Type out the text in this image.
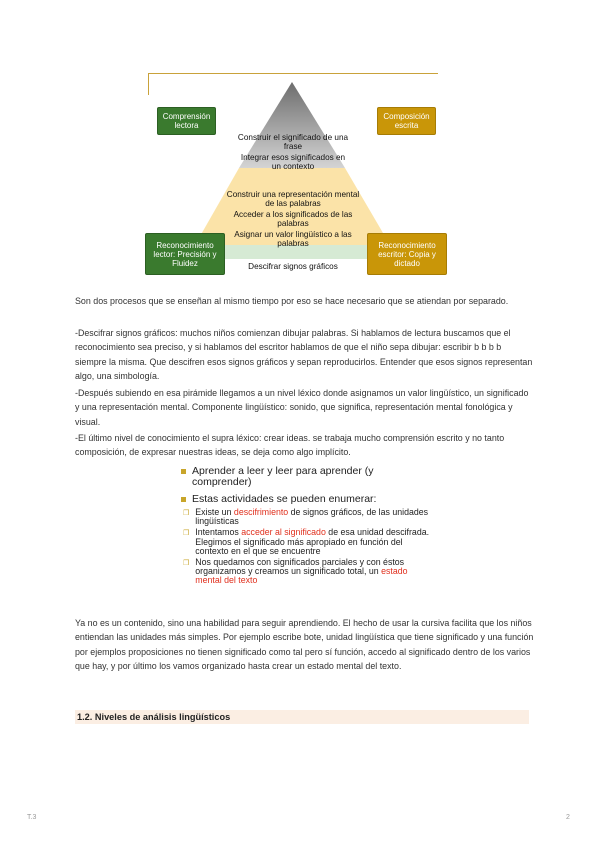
Comprensión lectora
Composición escrita
Reconocimiento lector: Precisión y Fluidez
Reconocimiento escritor: Copia y dictado
Construir el significado de una frase
Integrar esos significados en un contexto
Construir una representación mental de las palabras
Acceder a los significados de las palabras
Asignar un valor lingüístico a las palabras
Descifrar signos gráficos
Son dos procesos que se enseñan al mismo tiempo por eso se hace necesario que se atiendan por separado.
-Descifrar signos gráficos: muchos niños comienzan dibujar palabras. Si hablamos de lectura buscamos que el reconocimiento sea preciso, y si hablamos del escritor hablamos de que el niño sepa dibujar: escribir b b b b siempre la misma. Que descifren esos signos gráficos y sepan reproducirlos. Entender que esos signos representan algo, una simbología.
-Después subiendo en esa pirámide llegamos a un nivel léxico donde asignamos un valor lingüístico, un significado y una representación mental. Componente lingüístico: sonido, que significa, representación mental fonológica y visual.
-El último nivel de conocimiento el supra léxico: crear ideas. se trabaja mucho comprensión escrito y no tanto composición, de expresar nuestras ideas, se deja como algo implícito.
Aprender a leer y leer para aprender (y comprender)
Estas actividades se pueden enumerar:
❒ Existe un descifrimiento de signos gráficos, de las unidades lingüísticas
❒ Intentamos acceder al significado de esa unidad descifrada. Elegimos el significado más apropiado en función del contexto en el que se encuentre
❒ Nos quedamos con significados parciales y con éstos organizamos y creamos un significado total, un estado mental del texto
Ya no es un contenido, sino una habilidad para seguir aprendiendo. El hecho de usar la cursiva facilita que los niños entiendan las unidades más simples. Por ejemplo escribe bote, unidad lingüística que tiene significado y una función por ejemplos proposiciones no tienen significado como tal pero sí función, accedo al significado dentro de los varios que hay, y por último los vamos organizado hasta crear un estado mental del texto.
1.2. Niveles de análisis lingüísticos
T.3	2
